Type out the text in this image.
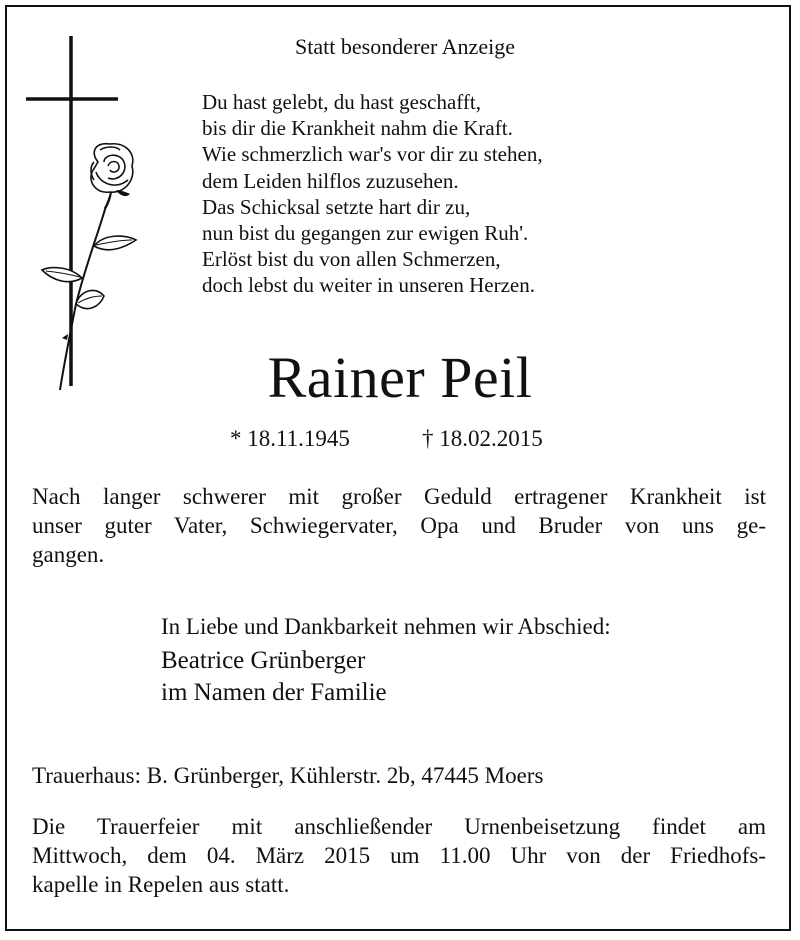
Statt besonderer Anzeige
Du hast gelebt, du hast geschafft,
bis dir die Krankheit nahm die Kraft.
Wie schmerzlich war's vor dir zu stehen,
dem Leiden hilflos zuzusehen.
Das Schicksal setzte hart dir zu,
nun bist du gegangen zur ewigen Ruh'.
Erlöst bist du von allen Schmerzen,
doch lebst du weiter in unseren Herzen.
Rainer Peil
* 18.11.1945	† 18.02.2015
Nach langer schwerer mit großer Geduld ertragener Krankheit ist
unser guter Vater, Schwiegervater, Opa und Bruder von uns ge-
gangen.
In Liebe und Dankbarkeit nehmen wir Abschied:
Beatrice Grünberger
im Namen der Familie
Trauerhaus: B. Grünberger, Kühlerstr. 2b, 47445 Moers
Die Trauerfeier mit anschließender Urnenbeisetzung findet am
Mittwoch, dem 04. März 2015 um 11.00 Uhr von der Friedhofs-
kapelle in Repelen aus statt.
